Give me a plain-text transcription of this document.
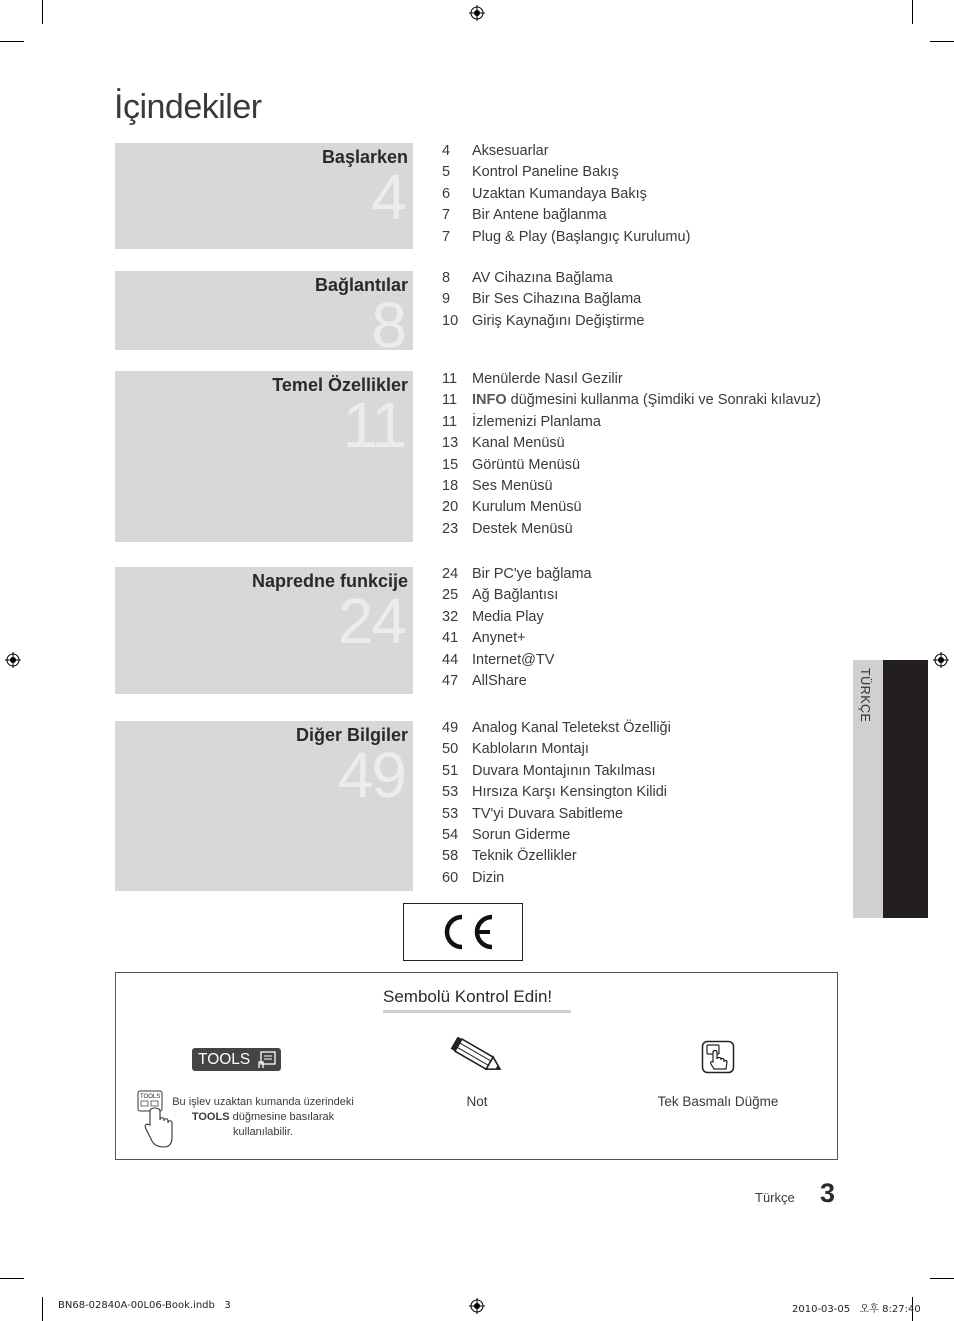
İçindekiler
Başlarken
4
4 Aksesuarlar
5 Kontrol Paneline Bakış
6 Uzaktan Kumandaya Bakış
7 Bir Antene bağlanma
7 Plug & Play (Başlangıç Kurulumu)
Bağlantılar
8
8 AV Cihazına Bağlama
9 Bir Ses Cihazına Bağlama
10 Giriş Kaynağını Değiştirme
Temel Özellikler
11
11 Menülerde Nasıl Gezilir
11 INFO düğmesini kullanma (Şimdiki ve Sonraki kılavuz)
11 İzlemenizi Planlama
13 Kanal Menüsü
15 Görüntü Menüsü
18 Ses Menüsü
20 Kurulum Menüsü
23 Destek Menüsü
Napredne funkcije
24
24 Bir PC'ye bağlama
25 Ağ Bağlantısı
32 Media Play
41 Anynet+
44 Internet@TV
47 AllShare
Diğer Bilgiler
49
49 Analog Kanal Teletekst Özelliği
50 Kabloların Montajı
51 Duvara Montajının Takılması
53 Hırsıza Karşı Kensington Kilidi
53 TV'yi Duvara Sabitleme
54 Sorun Giderme
58 Teknik Özellikler
60 Dizin
TÜRKÇE
Sembolü Kontrol Edin!
TOOLS
TOOLS Bu işlev uzaktan kumanda üzerindeki
TOOLS düğmesine basılarak kullanılabilir.
Not	Tek Basmalı Düğme
Türkçe 3
BN68-02840A-00L06-Book.indb   3	2010-03-05   오후 8:27:40
